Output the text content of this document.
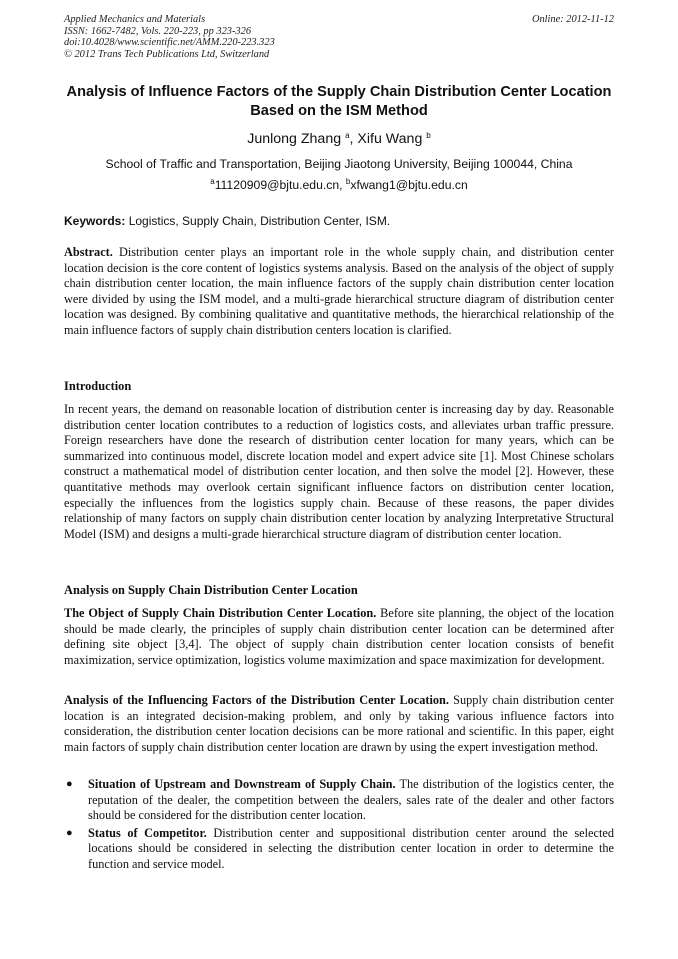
Applied Mechanics and Materials
ISSN: 1662-7482, Vols. 220-223, pp 323-326
doi:10.4028/www.scientific.net/AMM.220-223.323
© 2012 Trans Tech Publications Ltd, Switzerland
Online: 2012-11-12
Analysis of Influence Factors of the Supply Chain Distribution Center Location Based on the ISM Method
Junlong Zhang $^a$, Xifu Wang $^b$
School of Traffic and Transportation, Beijing Jiaotong University, Beijing 100044, China
$^a$11120909@bjtu.edu.cn, $^b$xfwang1@bjtu.edu.cn
Keywords: Logistics, Supply Chain, Distribution Center, ISM.

Abstract. Distribution center plays an important role in the whole supply chain, and distribution center location decision is the core content of logistics systems analysis. Based on the analysis of the object of supply chain distribution center location, the main influence factors of the supply chain distribution center location were divided by using the ISM model, and a multi-grade hierarchical structure diagram of distribution center location was designed. By combining qualitative and quantitative methods, the hierarchical relationship of the main influence factors of supply chain distribution centers location is clarified.

Introduction

In recent years, the demand on reasonable location of distribution center is increasing day by day. Reasonable distribution center location contributes to a reduction of logistics costs, and alleviates urban traffic pressure. Foreign researchers have done the research of distribution center location for many years, which can be summarized into continuous model, discrete location model and expert advice site [1]. Most Chinese scholars construct a mathematical model of distribution center location, and then solve the model [2]. However, these quantitative methods may overlook certain significant influence factors on distribution center location, especially the influences from the logistics supply chain. Because of these reasons, the paper divides relationship of many factors on supply chain distribution center location by analyzing Interpretative Structural Model (ISM) and designs a multi-grade hierarchical structure diagram of distribution center location.

Analysis on Supply Chain Distribution Center Location

The Object of Supply Chain Distribution Center Location. Before site planning, the object of the location should be made clearly, the principles of supply chain distribution center location can be determined after defining site object [3,4]. The object of supply chain distribution center location consists of benefit maximization, service optimization, logistics volume maximization and space maximization for development.

Analysis of the Influencing Factors of the Distribution Center Location. Supply chain distribution center location is an integrated decision-making problem, and only by taking various influence factors into consideration, the distribution center location decisions can be more rational and scientific. In this paper, eight main factors of supply chain distribution center location are drawn by using the expert investigation method.

● Situation of Upstream and Downstream of Supply Chain. The distribution of the logistics center, the reputation of the dealer, the competition between the dealers, sales rate of the dealer and other factors should be considered for the distribution center location.
● Status of Competitor. Distribution center and suppositional distribution center around the selected locations should be considered in selecting the distribution center location in order to determine the function and service model.
